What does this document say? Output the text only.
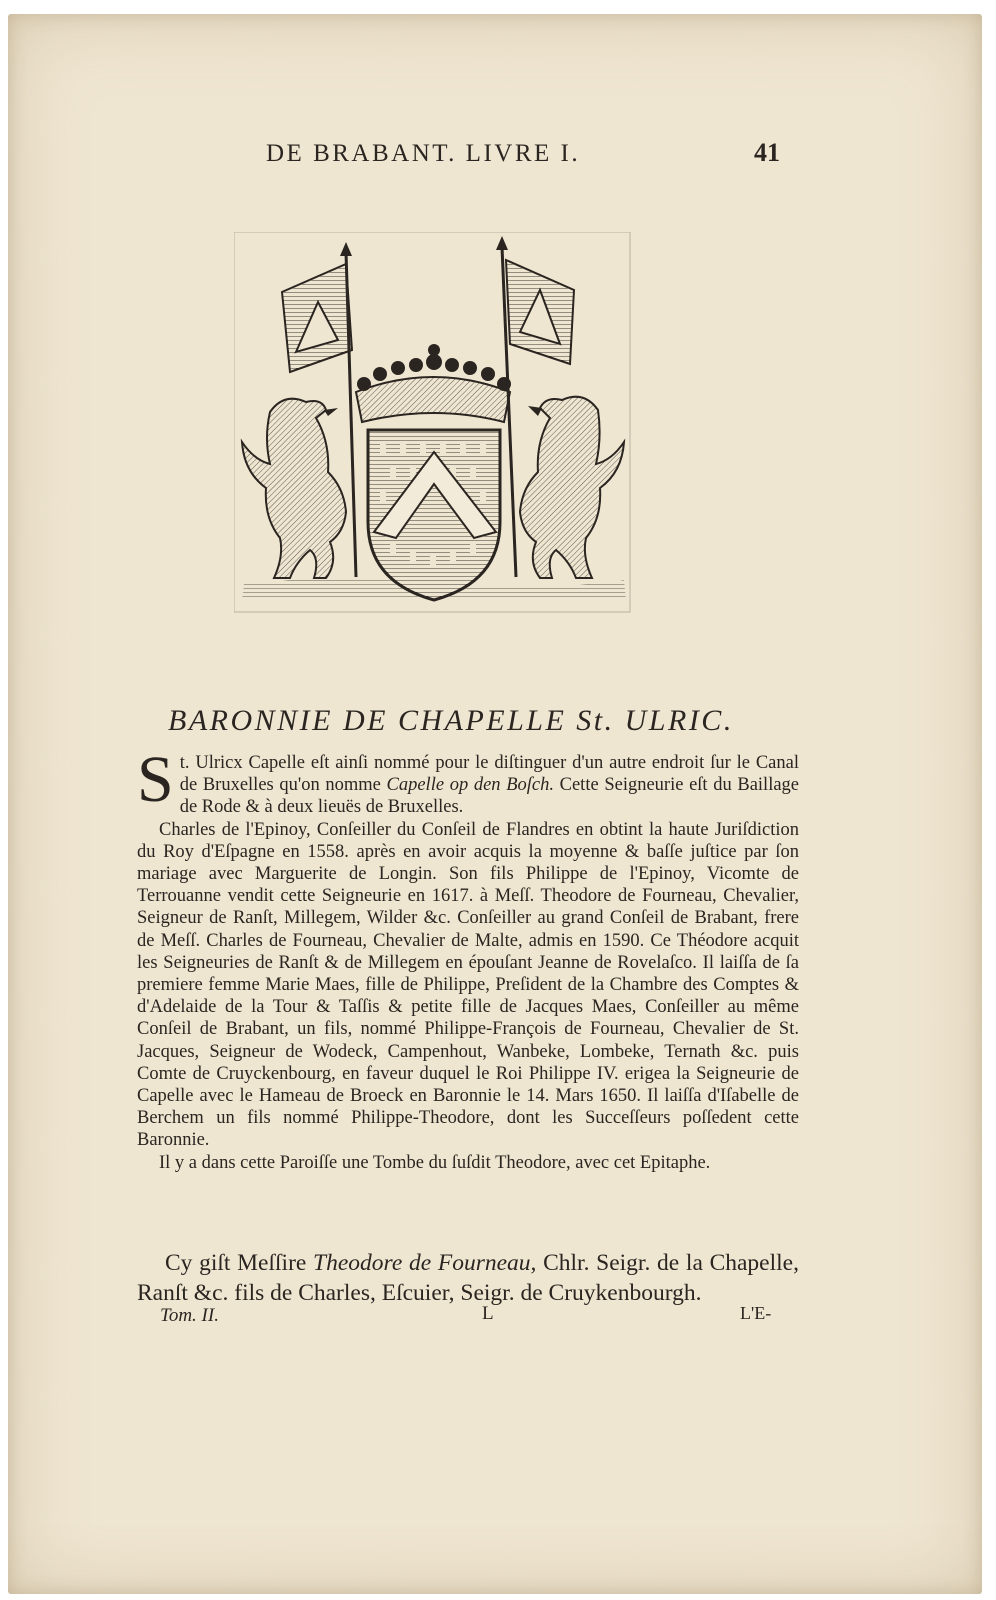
DE BRABANT. LIVRE I.	41
BARONNIE DE CHAPELLE St. ULRIC.

St. Ulricx Capelle eſt ainſi nommé pour le diſtinguer d'un autre endroit ſur le Canal de Bruxelles qu'on nomme Capelle op den Boſch. Cette Seigneurie eſt du Baillage de Rode & à deux lieuës de Bruxelles.

Charles de l'Epinoy, Conſeiller du Conſeil de Flandres en obtint la haute Juriſdiction du Roy d'Eſpagne en 1558. après en avoir acquis la moyenne & baſſe juſtice par ſon mariage avec Marguerite de Longin. Son fils Philippe de l'Epinoy, Vicomte de Terrouanne vendit cette Seigneurie en 1617. à Meſſ. Theodore de Fourneau, Chevalier, Seigneur de Ranſt, Millegem, Wilder &c. Conſeiller au grand Conſeil de Brabant, frere de Meſſ. Charles de Fourneau, Chevalier de Malte, admis en 1590. Ce Théodore acquit les Seigneuries de Ranſt & de Millegem en épouſant Jeanne de Rovelaſco. Il laiſſa de ſa premiere femme Marie Maes, fille de Philippe, Preſident de la Chambre des Comptes & d'Adelaide de la Tour & Taſſis & petite fille de Jacques Maes, Conſeiller au même Conſeil de Brabant, un fils, nommé Philippe-François de Fourneau, Chevalier de St. Jacques, Seigneur de Wodeck, Campenhout, Wanbeke, Lombeke, Ternath &c. puis Comte de Cruyckenbourg, en faveur duquel le Roi Philippe IV. erigea la Seigneurie de Capelle avec le Hameau de Broeck en Baronnie le 14. Mars 1650. Il laiſſa d'Iſabelle de Berchem un fils nommé Philippe-Theodore, dont les Succeſſeurs poſſedent cette Baronnie.

Il y a dans cette Paroiſſe une Tombe du ſuſdit Theodore, avec cet Epitaphe.

Cy giſt Meſſire Theodore de Fourneau, Chlr. Seigr. de la Chapelle, Ranſt &c. fils de Charles, Eſcuier, Seigr. de Cruykenbourgh.
Tom. II.	L	L'E-
